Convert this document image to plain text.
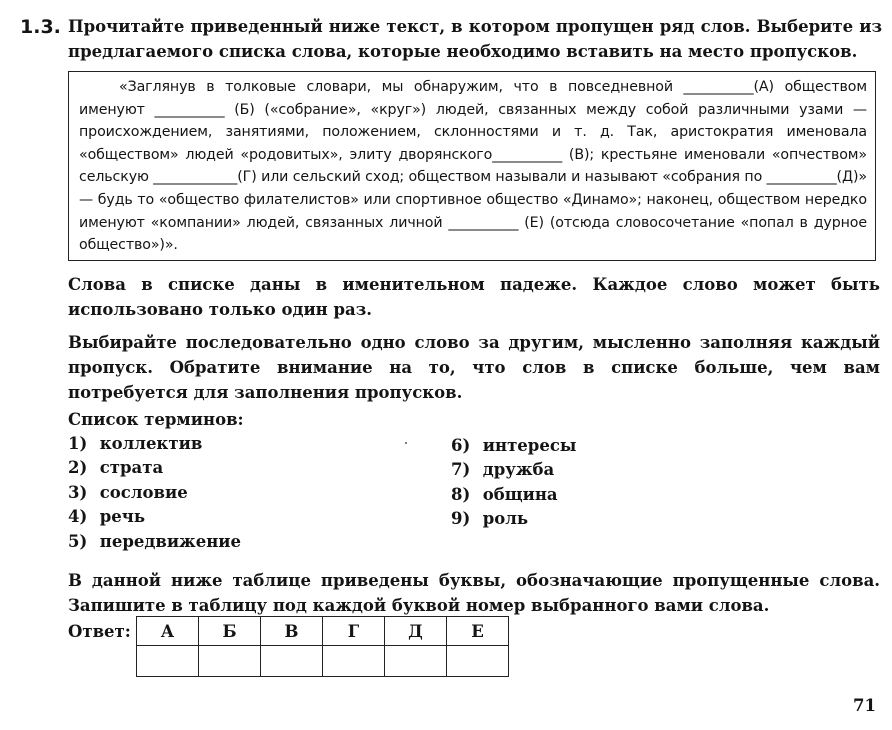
1.3. Прочитайте приведенный ниже текст, в котором пропущен ряд слов. Выберите из предлагаемого списка слова, которые необходимо вставить на место пропусков.

«Заглянув в толковые словари, мы обнаружим, что в повседневной __________(А) обществом именуют __________ (Б) («собрание», «круг») людей, связанных между собой различными узами — происхождением, занятиями, положением, склонностями и т. д. Так, аристократия именовала «обществом» людей «родовитых», элиту дворянского__________ (В); крестьяне именовали «опчеством» сельскую ____________(Г) или сельский сход; обществом называли и называют «собрания по __________(Д)» — будь то «общество филателистов» или спортивное общество «Динамо»; наконец, обществом нередко именуют «компании» людей, связанных личной __________ (Е) (отсюда словосочетание «попал в дурное общество»)».

Слова в списке даны в именительном падеже. Каждое слово может быть использовано только один раз.

Выбирайте последовательно одно слово за другим, мысленно заполняя каждый пропуск. Обратите внимание на то, что слов в списке больше, чем вам потребуется для заполнения пропусков.

Список терминов:

1) коллектив
2) страта
3) сословие
4) речь
5) передвижение
6) интересы
7) дружба
8) община
9) роль

В данной ниже таблице приведены буквы, обозначающие пропущенные слова. Запишите в таблицу под каждой буквой номер выбранного вами слова.

Ответ: А	Б	В	Г	Д	Е

71
